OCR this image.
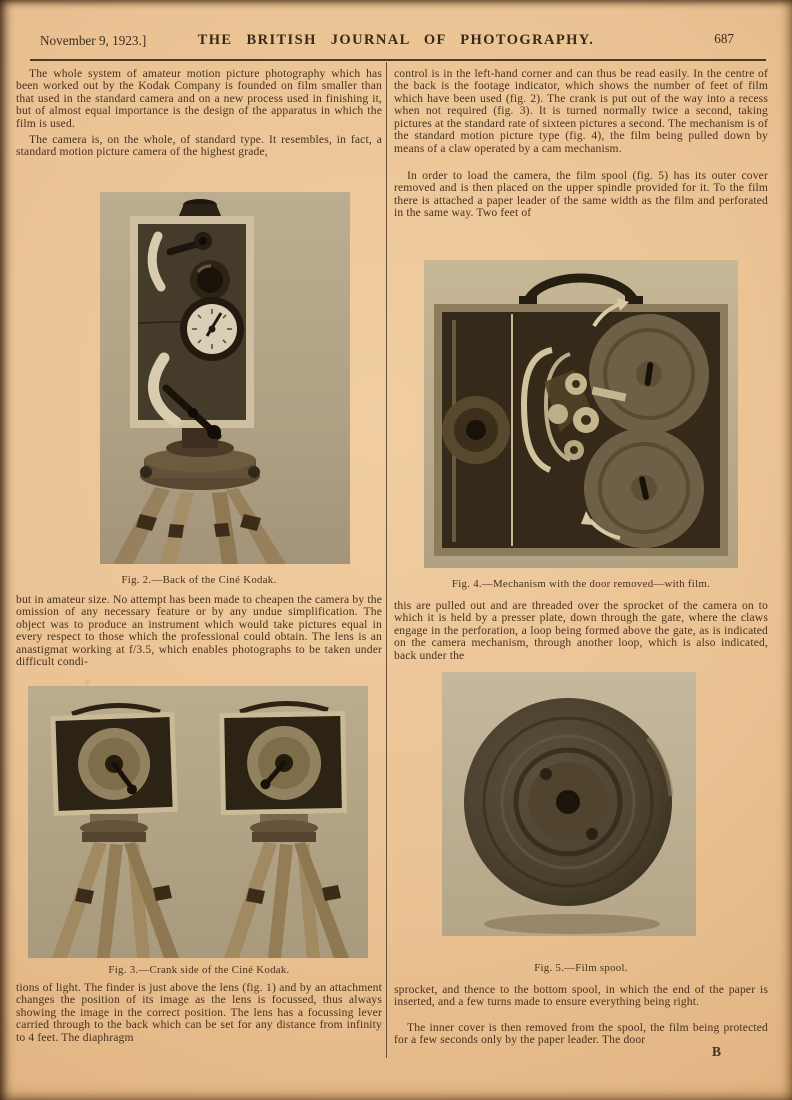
November 9, 1923.]	THE BRITISH JOURNAL OF PHOTOGRAPHY.	687

The whole system of amateur motion picture photography which has been worked out by the Kodak Company is founded on film smaller than that used in the standard camera and on a new process used in finishing it, but of almost equal importance is the design of the apparatus in which the film is used.

The camera is, on the whole, of standard type. It resembles, in fact, a standard motion picture camera of the highest grade,

Fig. 2.—Back of the Ciné Kodak.

but in amateur size. No attempt has been made to cheapen the camera by the omission of any necessary feature or by any undue simplification. The object was to produce an instrument which would take pictures equal in every respect to those which the professional could obtain. The lens is an anastigmat working at f/3.5, which enables photographs to be taken under difficult condi-

Fig. 3.—Crank side of the Ciné Kodak.

tions of light. The finder is just above the lens (fig. 1) and by an attachment changes the position of its image as the lens is focussed, thus always showing the image in the correct position. The lens has a focussing lever carried through to the back which can be set for any distance from infinity to 4 feet. The diaphragm

control is in the left-hand corner and can thus be read easily. In the centre of the back is the footage indicator, which shows the number of feet of film which have been used (fig. 2). The crank is put out of the way into a recess when not required (fig. 3). It is turned normally twice a second, taking pictures at the standard rate of sixteen pictures a second. The mechanism is of the standard motion picture type (fig. 4), the film being pulled down by means of a claw operated by a cam mechanism.

In order to load the camera, the film spool (fig. 5) has its outer cover removed and is then placed on the upper spindle provided for it. To the film there is attached a paper leader of the same width as the film and perforated in the same way. Two feet of

Fig. 4.—Mechanism with the door removed—with film.

this are pulled out and are threaded over the sprocket of the camera on to which it is held by a presser plate, down through the gate, where the claws engage in the perforation, a loop being formed above the gate, as is indicated on the camera mechanism, through another loop, which is also indicated, back under the

Fig. 5.—Film spool.

sprocket, and thence to the bottom spool, in which the end of the paper is inserted, and a few turns made to ensure everything being right.

The inner cover is then removed from the spool, the film being protected for a few seconds only by the paper leader. The door

B
